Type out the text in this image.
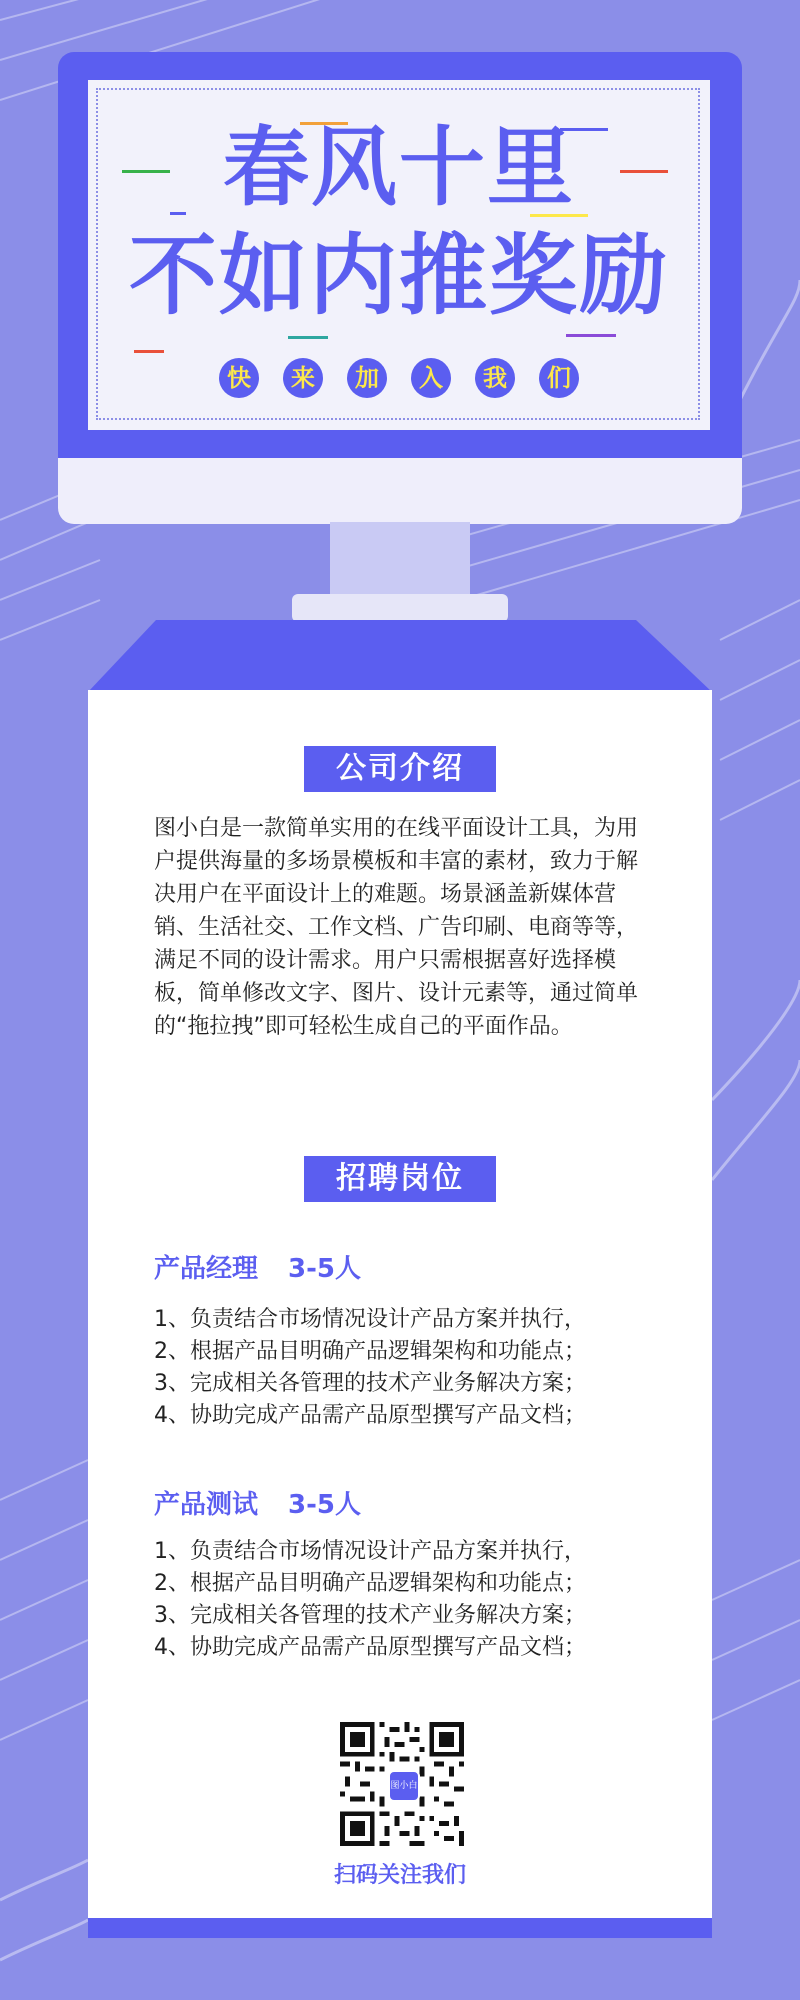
春风十里
不如内推奖励
快	来	加	入	我	们
公司介绍
图小白是一款简单实用的在线平面设计工具，为用户提供海量的多场景模板和丰富的素材，致力于解决用户在平面设计上的难题。场景涵盖新媒体营销、生活社交、工作文档、广告印刷、电商等等，满足不同的设计需求。用户只需根据喜好选择模板，简单修改文字、图片、设计元素等，通过简单的“拖拉拽”即可轻松生成自己的平面作品。
招聘岗位
产品经理 3-5人
1、负责结合市场情况设计产品方案并执行，
2、根据产品目明确产品逻辑架构和功能点；
3、完成相关各管理的技术产业务解决方案；
4、协助完成产品需产品原型撰写产品文档；
产品测试 3-5人
1、负责结合市场情况设计产品方案并执行，
2、根据产品目明确产品逻辑架构和功能点；
3、完成相关各管理的技术产业务解决方案；
4、协助完成产品需产品原型撰写产品文档；
图小白
扫码关注我们
